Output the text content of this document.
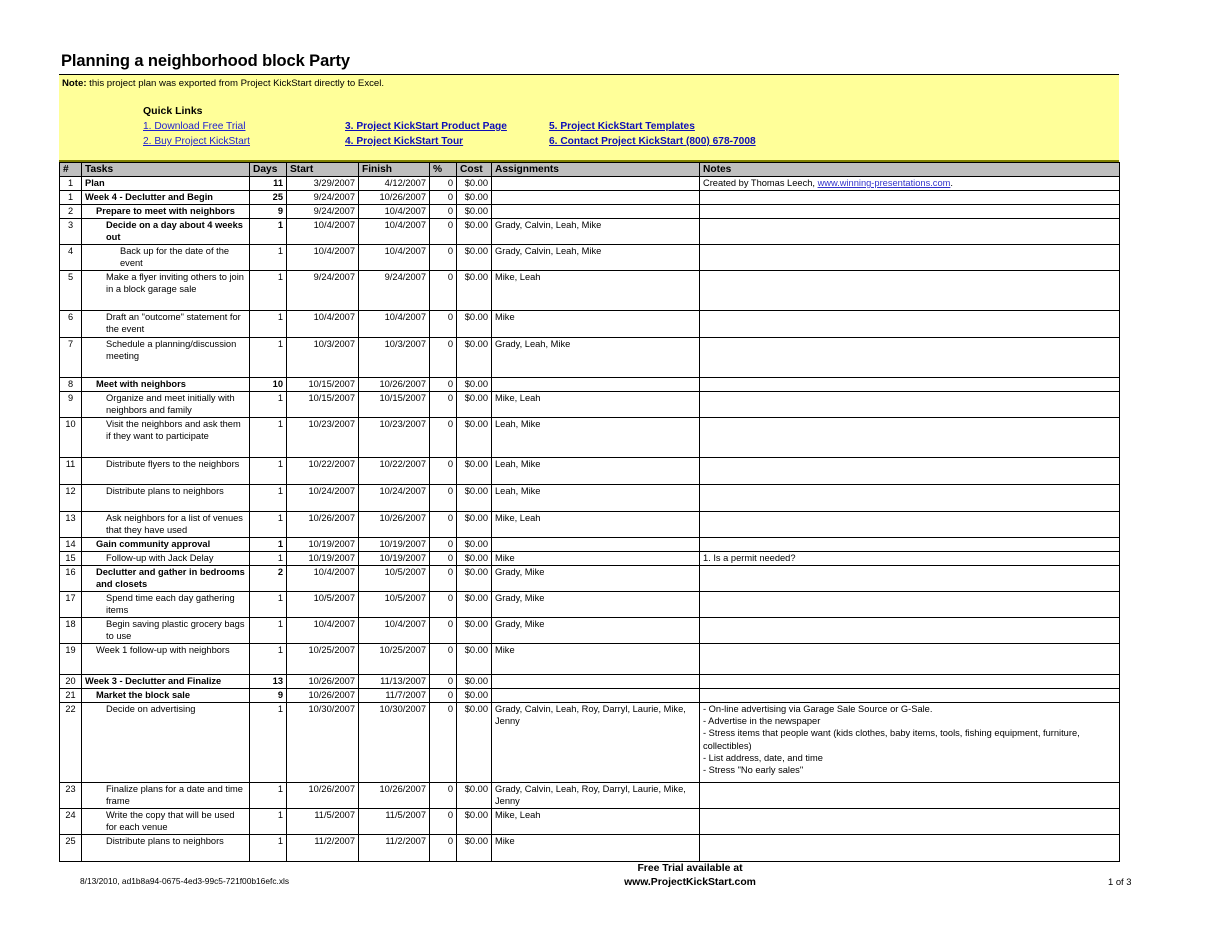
Planning a neighborhood block Party
Note: this project plan was exported from Project KickStart directly to Excel.
Quick Links
1. Download Free Trial
2. Buy Project KickStart
3. Project KickStart Product Page
4. Project KickStart Tour
5. Project KickStart Templates
6. Contact Project KickStart (800) 678-7008
#	Tasks	Days	Start	Finish	%	Cost	Assignments	Notes
1	Plan	11	3/29/2007	4/12/2007	0	$0.00		Created by Thomas Leech, www.winning-presentations.com.
1	Week 4 - Declutter and Begin	25	9/24/2007	10/26/2007	0	$0.00		
2	Prepare to meet with neighbors	9	9/24/2007	10/4/2007	0	$0.00		
3	Decide on a day about 4 weeks out	1	10/4/2007	10/4/2007	0	$0.00	Grady, Calvin, Leah, Mike	
4	Back up for the date of the event	1	10/4/2007	10/4/2007	0	$0.00	Grady, Calvin, Leah, Mike	
5	Make a flyer inviting others to join in a block garage sale	1	9/24/2007	9/24/2007	0	$0.00	Mike, Leah	
6	Draft an "outcome" statement for the event	1	10/4/2007	10/4/2007	0	$0.00	Mike	
7	Schedule a planning/discussion meeting	1	10/3/2007	10/3/2007	0	$0.00	Grady, Leah, Mike	
8	Meet with neighbors	10	10/15/2007	10/26/2007	0	$0.00		
9	Organize and meet initially with neighbors and family	1	10/15/2007	10/15/2007	0	$0.00	Mike, Leah	
10	Visit the neighbors and ask them if they want to participate	1	10/23/2007	10/23/2007	0	$0.00	Leah, Mike	
11	Distribute flyers to the neighbors	1	10/22/2007	10/22/2007	0	$0.00	Leah, Mike	
12	Distribute plans to neighbors	1	10/24/2007	10/24/2007	0	$0.00	Leah, Mike	
13	Ask neighbors for a list of venues that they have used	1	10/26/2007	10/26/2007	0	$0.00	Mike, Leah	
14	Gain community approval	1	10/19/2007	10/19/2007	0	$0.00		
15	Follow-up with Jack Delay	1	10/19/2007	10/19/2007	0	$0.00	Mike	1. Is a permit needed?
16	Declutter and gather in bedrooms and closets	2	10/4/2007	10/5/2007	0	$0.00	Grady, Mike	
17	Spend time each day gathering items	1	10/5/2007	10/5/2007	0	$0.00	Grady, Mike	
18	Begin saving plastic grocery bags to use	1	10/4/2007	10/4/2007	0	$0.00	Grady, Mike	
19	Week 1 follow-up with neighbors	1	10/25/2007	10/25/2007	0	$0.00	Mike	
20	Week 3 - Declutter and Finalize	13	10/26/2007	11/13/2007	0	$0.00		
21	Market the block sale	9	10/26/2007	11/7/2007	0	$0.00		
22	Decide on advertising	1	10/30/2007	10/30/2007	0	$0.00	Grady, Calvin, Leah, Roy, Darryl, Laurie, Mike, Jenny	- On-line advertising via Garage Sale Source or G-Sale.
- Advertise in the newspaper
- Stress items that people want (kids clothes, baby items, tools, fishing equipment, furniture, collectibles)
- List address, date, and time
- Stress "No early sales"

23	Finalize plans for a date and time frame	1	10/26/2007	10/26/2007	0	$0.00	Grady, Calvin, Leah, Roy, Darryl, Laurie, Mike, Jenny	
24	Write the copy that will be used for each venue	1	11/5/2007	11/5/2007	0	$0.00	Mike, Leah	
25	Distribute plans to neighbors	1	11/2/2007	11/2/2007	0	$0.00	Mike	
8/13/2010, ad1b8a94-0675-4ed3-99c5-721f00b16efc.xls
Free Trial available at
www.ProjectKickStart.com	1 of 3
